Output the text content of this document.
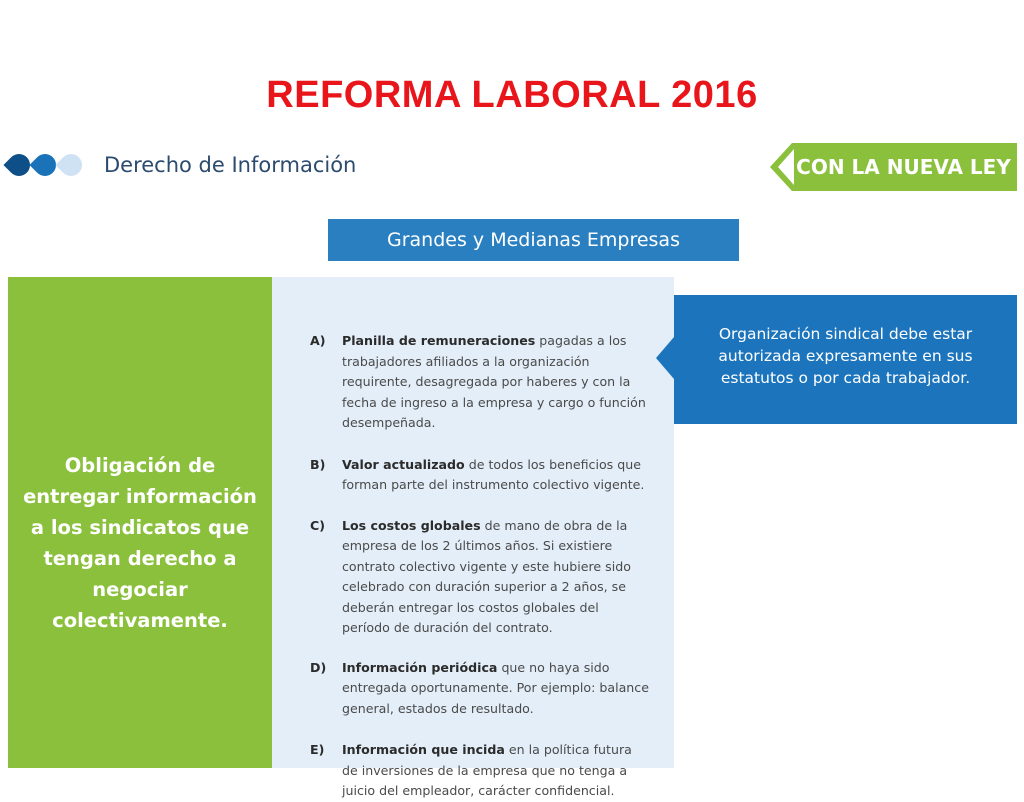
REFORMA LABORAL 2016
Derecho de Información	CON LA NUEVA LEY
Grandes y Medianas Empresas
Obligación de entregar información a los sindicatos que tengan derecho a negociar colectivamente.
A)	Planilla de remuneraciones pagadas a los trabajadores afiliados a la organización requirente, desagregada por haberes y con la fecha de ingreso a la empresa y cargo o función desempeñada.
B)	Valor actualizado de todos los beneficios que forman parte del instrumento colectivo vigente.
C)	Los costos globales de mano de obra de la empresa de los 2 últimos años. Si existiere contrato colectivo vigente y este hubiere sido celebrado con duración superior a 2 años, se deberán entregar los costos globales del período de duración del contrato.
D)	Información periódica que no haya sido entregada oportunamente. Por ejemplo: balance general, estados de resultado.
E)	Información que incida en la política futura de inversiones de la empresa que no tenga a juicio del empleador, carácter confidencial.
Organización sindical debe estar autorizada expresamente en sus estatutos o por cada trabajador.
